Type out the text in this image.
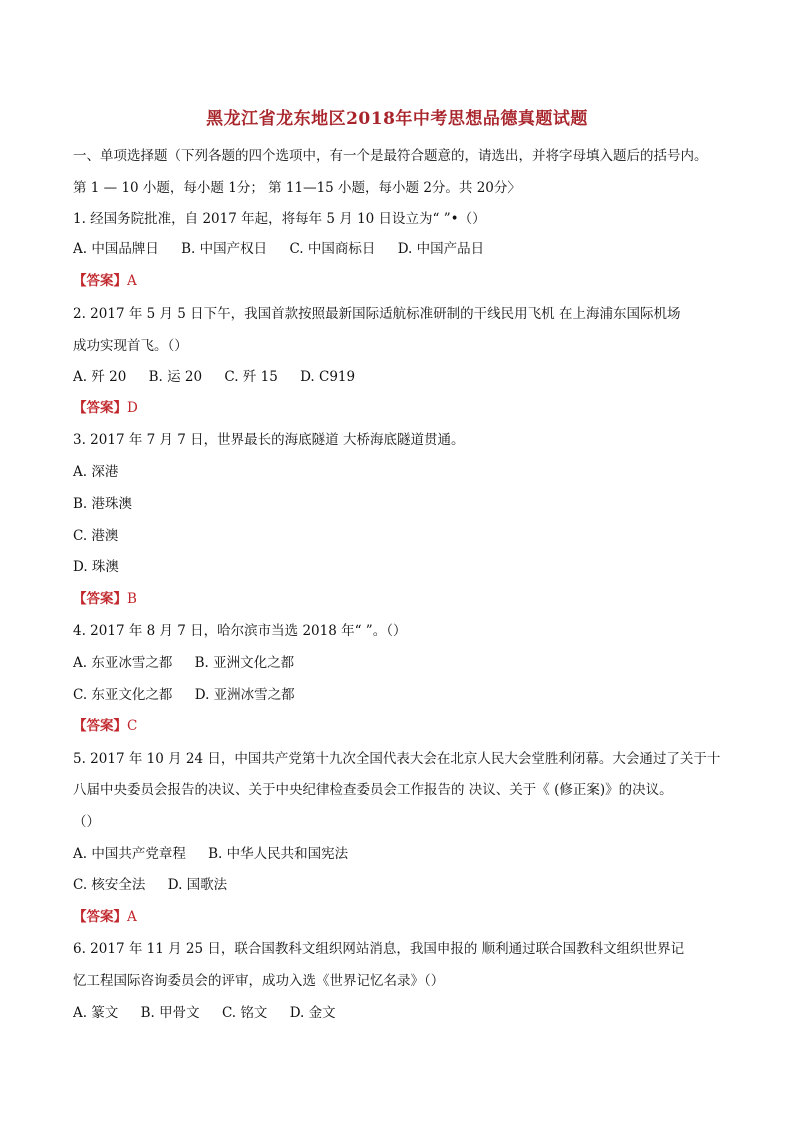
黑龙江省龙东地区2018年中考思想品德真题试题
一、单项选择题（下列各题的四个选项中，有一个是最符合题意的，请选出，并将字母填入题后的括号内。
第 1 — 10 小题，每小题 1分； 第 11—15 小题，每小题 2分。共 20分〉
1. 经国务院批准，自 2017 年起，将每年 5 月 10 日设立为“ ”•（）
A. 中国品牌日 B. 中国产权日 C. 中国商标日 D. 中国产品日
【答案】A
2. 2017 年 5 月 5 日下午，我国首款按照最新国际适航标准研制的干线民用飞机 在上海浦东国际机场
成功实现首飞。（）
A. 歼 20 B. 运 20 C. 歼 15 D. C919
【答案】D
3. 2017 年 7 月 7 日，世界最长的海底隧道 大桥海底隧道贯通。
A. 深港
B. 港珠澳
C. 港澳
D. 珠澳
【答案】B
4. 2017 年 8 月 7 日，哈尔滨市当选 2018 年“ ”。（）
A. 东亚冰雪之都 B. 亚洲文化之都
C. 东亚文化之都 D. 亚洲冰雪之都
【答案】C
5. 2017 年 10 月 24 日，中国共产党第十九次全国代表大会在北京人民大会堂胜利闭幕。大会通过了关于十
八届中央委员会报告的决议、关于中央纪律检查委员会工作报告的 决议、关于《 (修正案)》的决议。
（）
A. 中国共产党章程 B. 中华人民共和国宪法
C. 核安全法 D. 国歌法
【答案】A
6. 2017 年 11 月 25 日，联合国教科文组织网站消息，我国申报的 顺利通过联合国教科文组织世界记
忆工程国际咨询委员会的评审，成功入选《世界记忆名录》（）
A. 篆文 B. 甲骨文 C. 铭文 D. 金文
